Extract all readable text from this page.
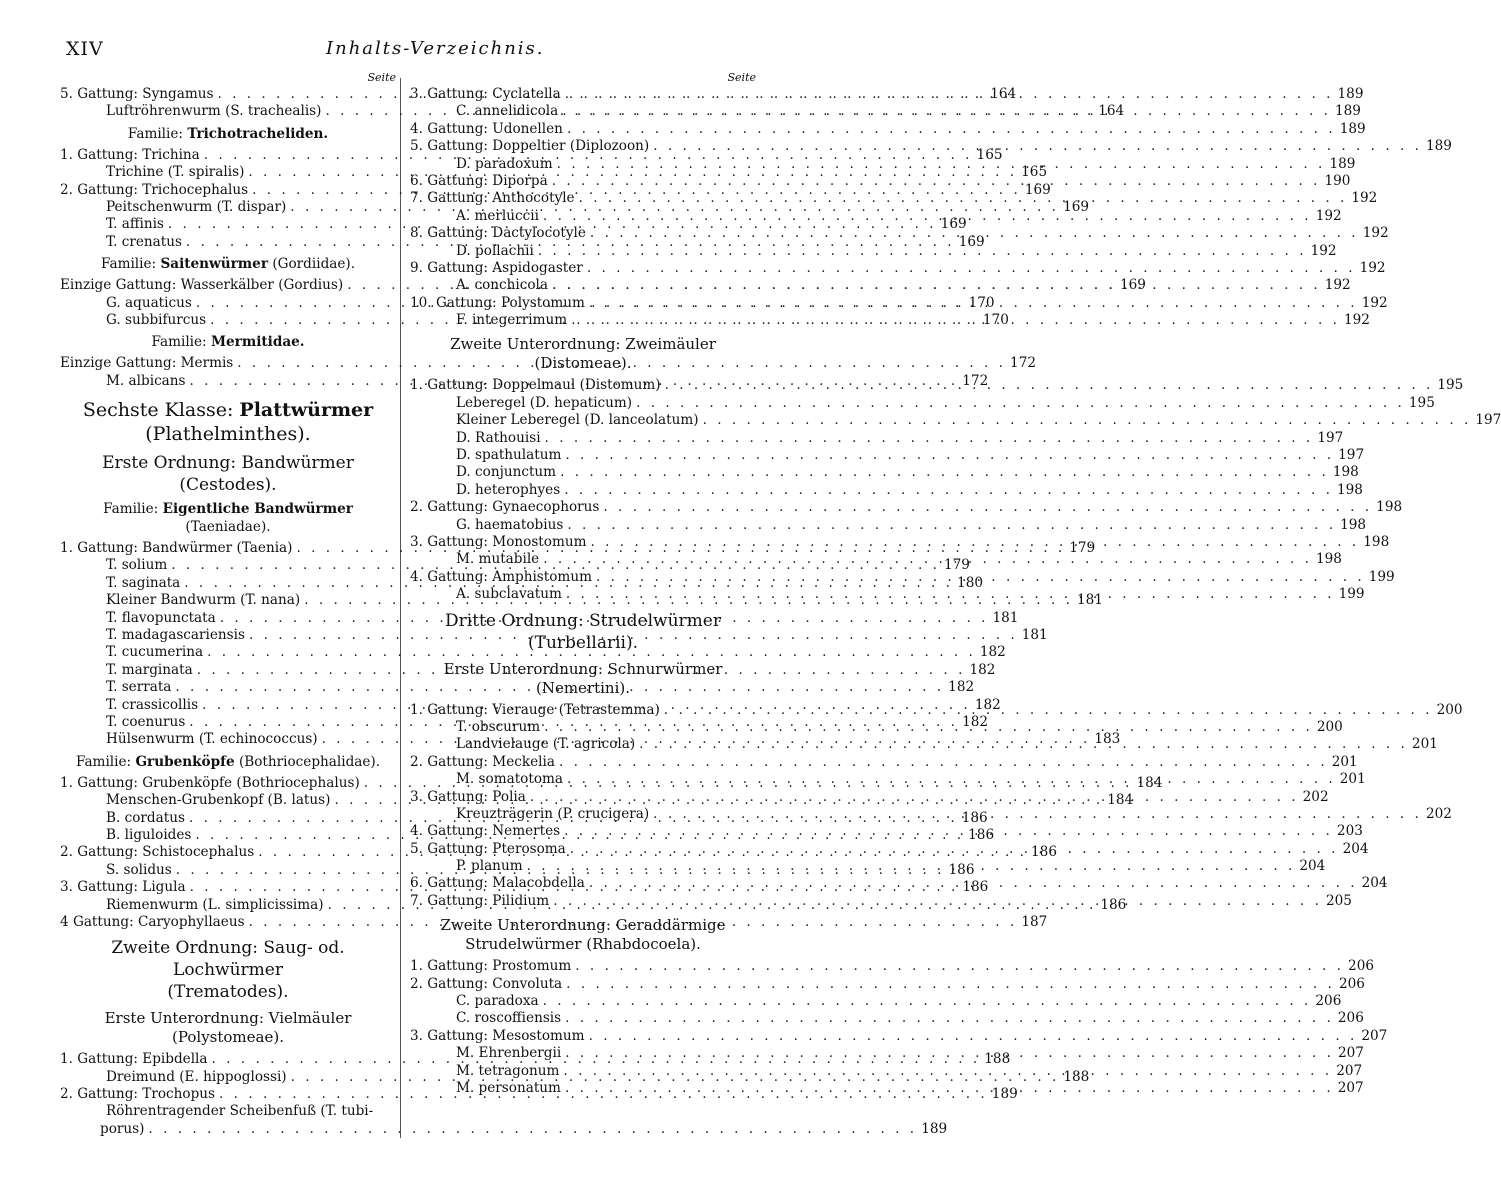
XIV	Inhalts-Verzeichnis.
Seite
5. Gattung: Syngamus . . .	164
Luftröhrenwurm (S. trachealis) . . .	164
Familie: Trichotracheliden.
1. Gattung: Trichina . . .	165
Trichine (T. spiralis) . . .	165
2. Gattung: Trichocephalus . . .	169
Peitschenwurm (T. dispar) . . .	169
T. affinis . . .	169
T. crenatus . . .	169
Familie: Saitenwürmer (Gordiidae).
Einzige Gattung: Wasserkälber (Gordius) . . .	169
G. aquaticus . . .	170
G. subbifurcus . . .	170
Familie: Mermitidae.
Einzige Gattung: Mermis . . .	172
M. albicans . . .	172
Sechste Klasse: Plattwürmer
(Plathelminthes).
Erste Ordnung: Bandwürmer (Cestodes).
Familie: Eigentliche Bandwürmer (Taeniadae).
1. Gattung: Bandwürmer (Taenia) . . .	179
T. solium . . .	179
T. saginata . . .	180
Kleiner Bandwurm (T. nana) . . .	181
T. flavopunctata . . .	181
T. madagascariensis . . .	181
T. cucumerina . . .	182
T. marginata . . .	182
T. serrata . . .	182
T. crassicollis . . .	182
T. coenurus . . .	182
Hülsenwurm (T. echinococcus) . . .	183
Familie: Grubenköpfe (Bothriocephalidae).
1. Gattung: Grubenköpfe (Bothriocephalus) . . .	184
Menschen-Grubenkopf (B. latus) . . .	184
B. cordatus . . .	186
B. liguloides . . .	186
2. Gattung: Schistocephalus . . .	186
S. solidus . . .	186
3. Gattung: Ligula . . .	186
Riemenwurm (L. simplicissima) . . .	186
4 Gattung: Caryophyllaeus . . .	187
Zweite Ordnung: Saug- od. Lochwürmer
(Trematodes).
Erste Unterordnung: Vielmäuler
(Polystomeae).
1. Gattung: Epibdella . . .	188
Dreimund (E. hippoglossi) . . .	188
2. Gattung: Trochopus . . .	189
Röhrentragender Scheibenfuß (T. tubi-
porus) . . .	189
Seite
3. Gattung: Cyclatella . . .	189
C. annelidicola . . .	189
4. Gattung: Udonellen . . .	189
5. Gattung: Doppeltier (Diplozoon) . . .	189
D. paradoxum . . .	189
6. Gattung: Diporpa . . .	190
7. Gattung: Anthocotyle . . .	192
A. merluccii . . .	192
8. Gattung: Dactylocotyle . . .	192
D. pollachii . . .	192
9. Gattung: Aspidogaster . . .	192
A. conchicola . . .	192
10. Gattung: Polystomum . . .	192
F. integerrimum . . .	192
Zweite Unterordnung: Zweimäuler
(Distomeae).
1. Gattung: Doppelmaul (Distomum) . . .	195
Leberegel (D. hepaticum) . . .	195
Kleiner Leberegel (D. lanceolatum) . . .	197
D. Rathouisi . . .	197
D. spathulatum . . .	197
D. conjunctum . . .	198
D. heterophyes . . .	198
2. Gattung: Gynaecophorus . . .	198
G. haematobius . . .	198
3. Gattung: Monostomum . . .	198
M. mutabile . . .	198
4. Gattung: Amphistomum . . .	199
A. subclavatum . . .	199
Dritte Ordnung: Strudelwürmer
(Turbellarii).
Erste Unterordnung: Schnurwürmer
(Nemertini).
1. Gattung: Vierauge (Tetrastemma) . . .	200
T. obscurum . . .	200
Landvielauge (T. agricola) . . .	201
2. Gattung: Meckelia . . .	201
M. somatotoma . . .	201
3. Gattung: Polia . . .	202
Kreuzträgerin (P. crucigera) . . .	202
4. Gattung: Nemertes . . .	203
5. Gattung: Pterosoma . . .	204
P. planum . . .	204
6. Gattung: Malacobdella . . .	204
7. Gattung: Pilidium . . .	205
Zweite Unterordnung: Geraddärmige
Strudelwürmer (Rhabdocoela).
1. Gattung: Prostomum . . .	206
2. Gattung: Convoluta . . .	206
C. paradoxa . . .	206
C. roscoffiensis . . .	206
3. Gattung: Mesostomum . . .	207
M. Ehrenbergii . . .	207
M. tetragonum . . .	207
M. personatum . . .	207
